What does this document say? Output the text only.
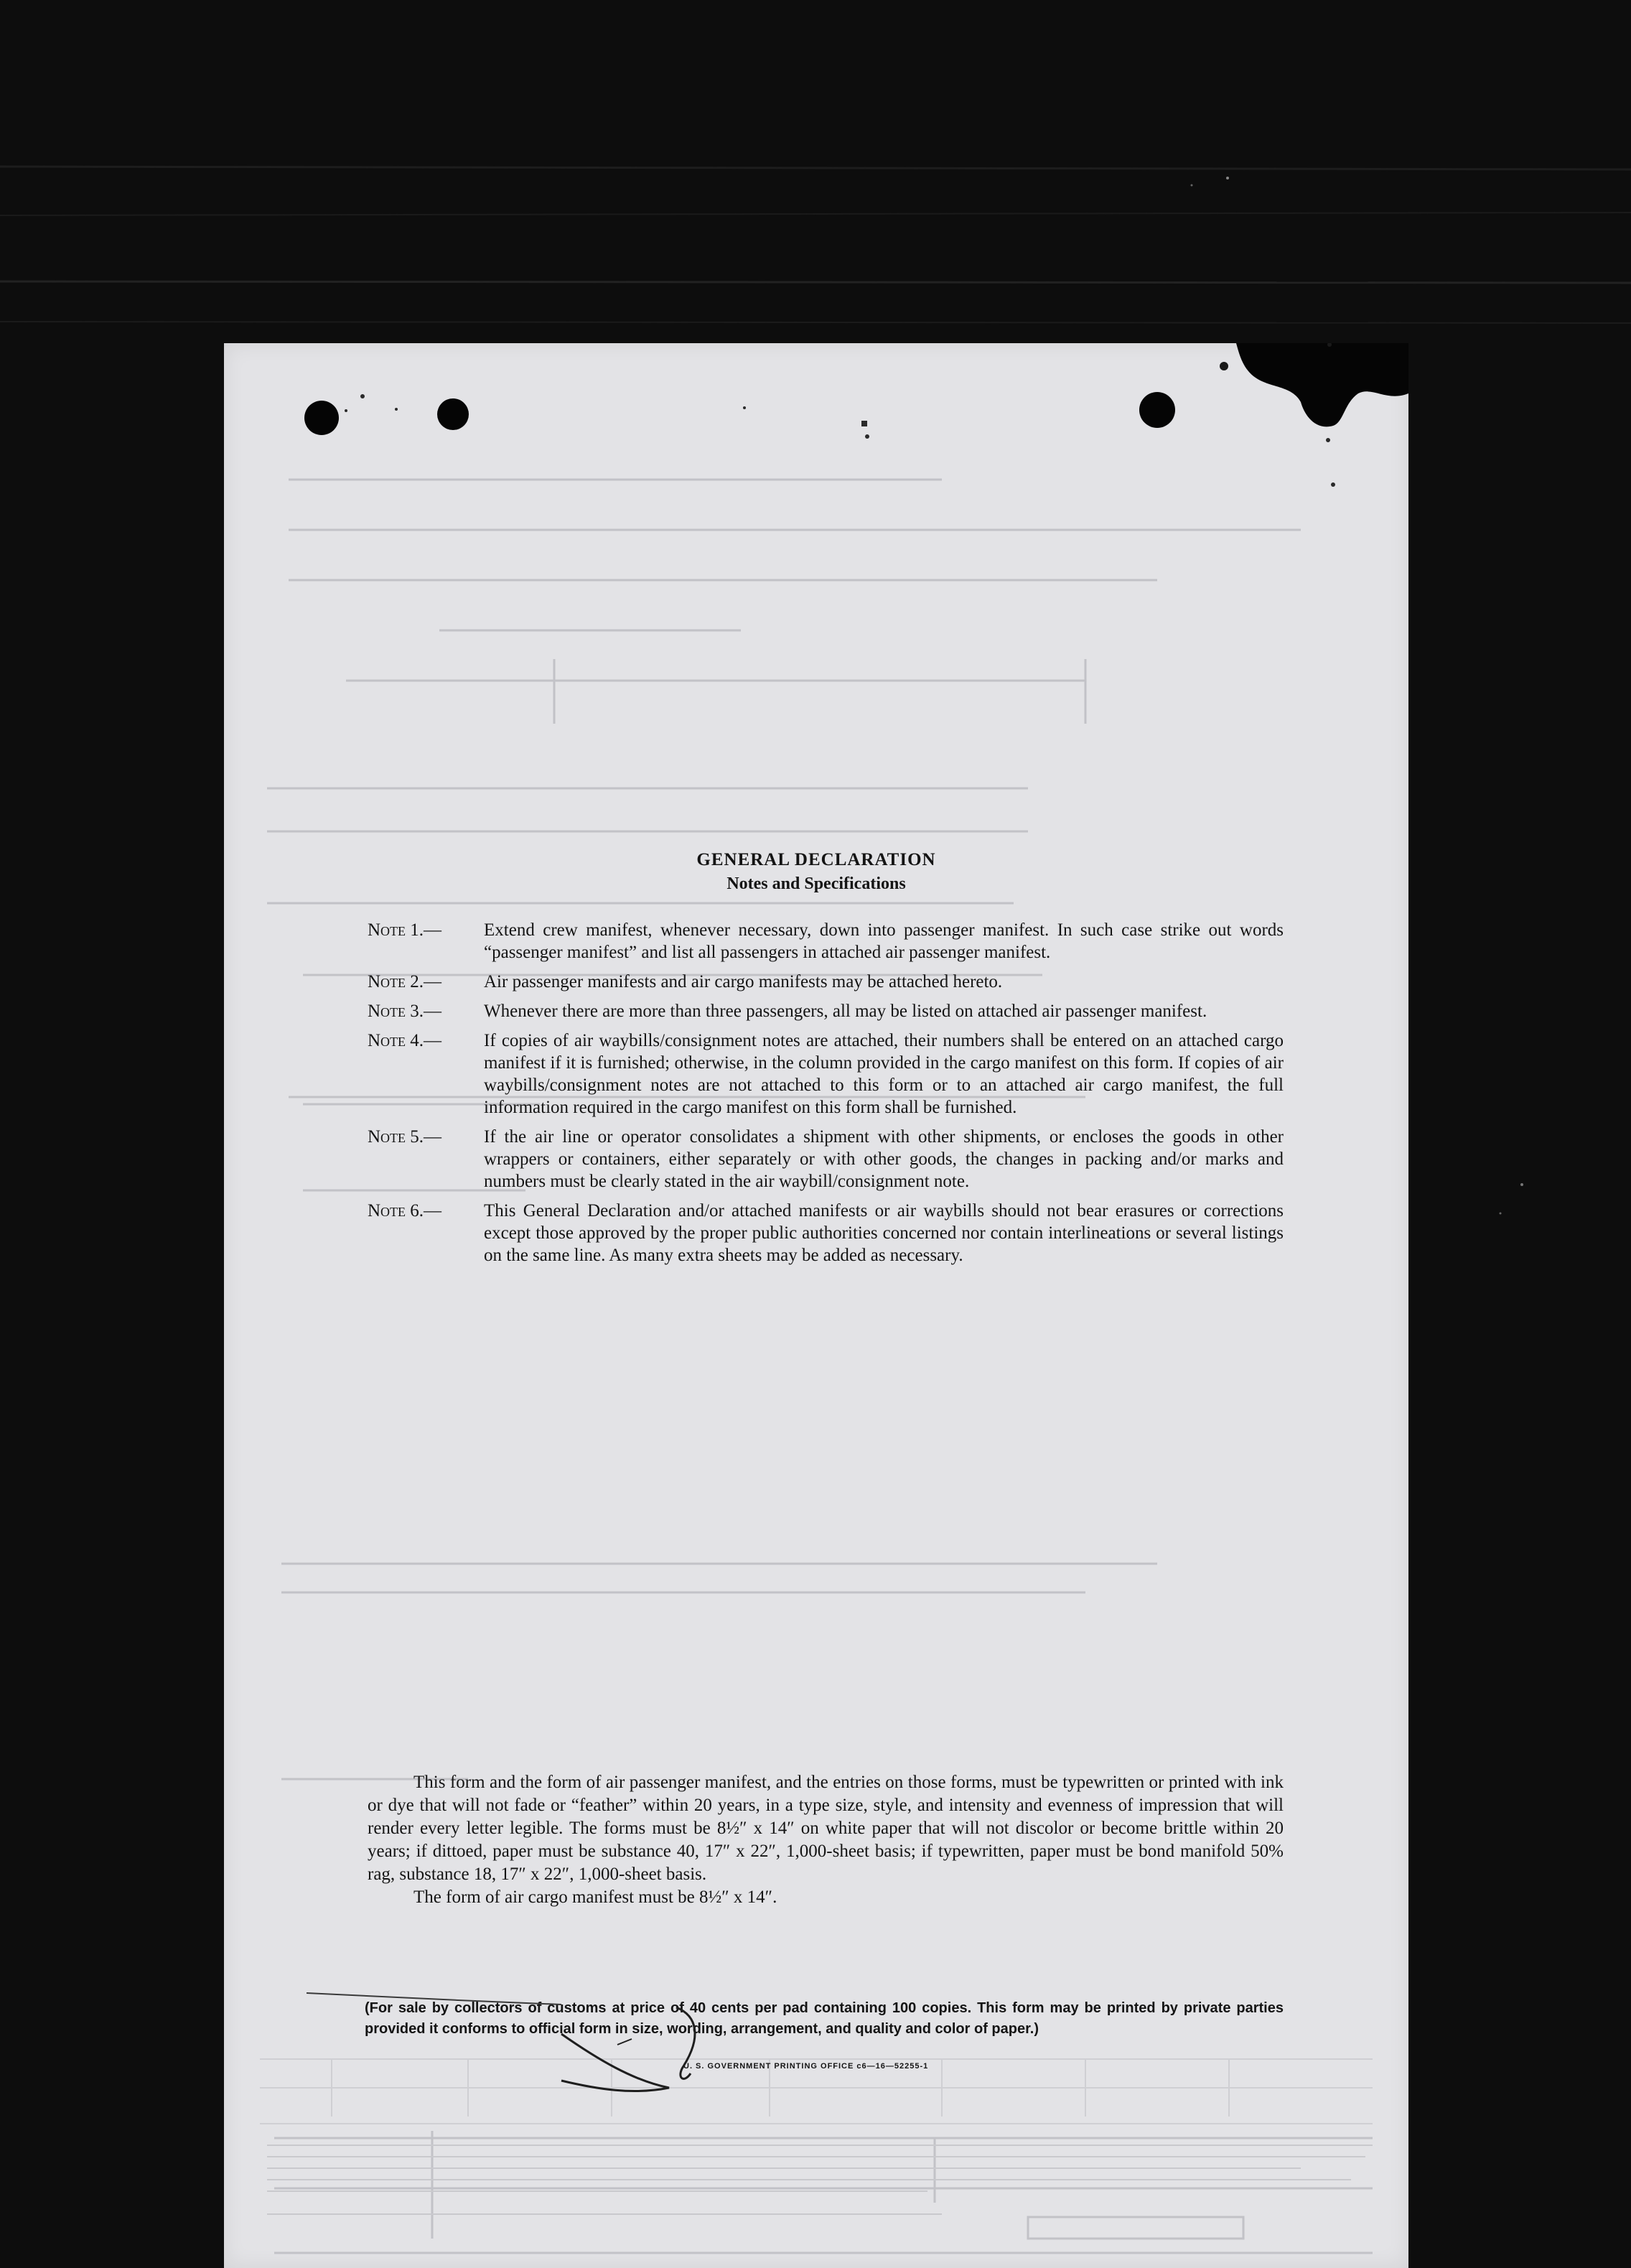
GENERAL DECLARATION
Notes and Specifications
Note 1.—	Extend crew manifest, whenever necessary, down into passenger manifest. In such case strike out words “passenger manifest” and list all passengers in attached air passenger manifest.
Note 2.—	Air passenger manifests and air cargo manifests may be attached hereto.
Note 3.—	Whenever there are more than three passengers, all may be listed on attached air passenger manifest.
Note 4.—	If copies of air waybills/consignment notes are attached, their numbers shall be entered on an attached cargo manifest if it is furnished; otherwise, in the column provided in the cargo manifest on this form. If copies of air waybills/consignment notes are not attached to this form or to an attached air cargo manifest, the full information required in the cargo manifest on this form shall be furnished.
Note 5.—	If the air line or operator consolidates a shipment with other shipments, or encloses the goods in other wrappers or containers, either separately or with other goods, the changes in packing and/or marks and numbers must be clearly stated in the air waybill/consignment note.
Note 6.—	This General Declaration and/or attached manifests or air waybills should not bear erasures or corrections except those approved by the proper public authorities concerned nor contain interlineations or several listings on the same line. As many extra sheets may be added as necessary.

This form and the form of air passenger manifest, and the entries on those forms, must be typewritten or printed with ink or dye that will not fade or “feather” within 20 years, in a type size, style, and intensity and evenness of impression that will render every letter legible. The forms must be 8½″ x 14″ on white paper that will not discolor or become brittle within 20 years; if dittoed, paper must be substance 40, 17″ x 22″, 1,000-sheet basis; if typewritten, paper must be bond manifold 50% rag, substance 18, 17″ x 22″, 1,000-sheet basis.

The form of air cargo manifest must be 8½″ x 14″.

(For sale by collectors of customs at price of 40 cents per pad containing 100 copies. This form may be printed by private parties provided it conforms to official form in size, wording, arrangement, and quality and color of paper.)
U. S. GOVERNMENT PRINTING OFFICE c6—16—52255-1
